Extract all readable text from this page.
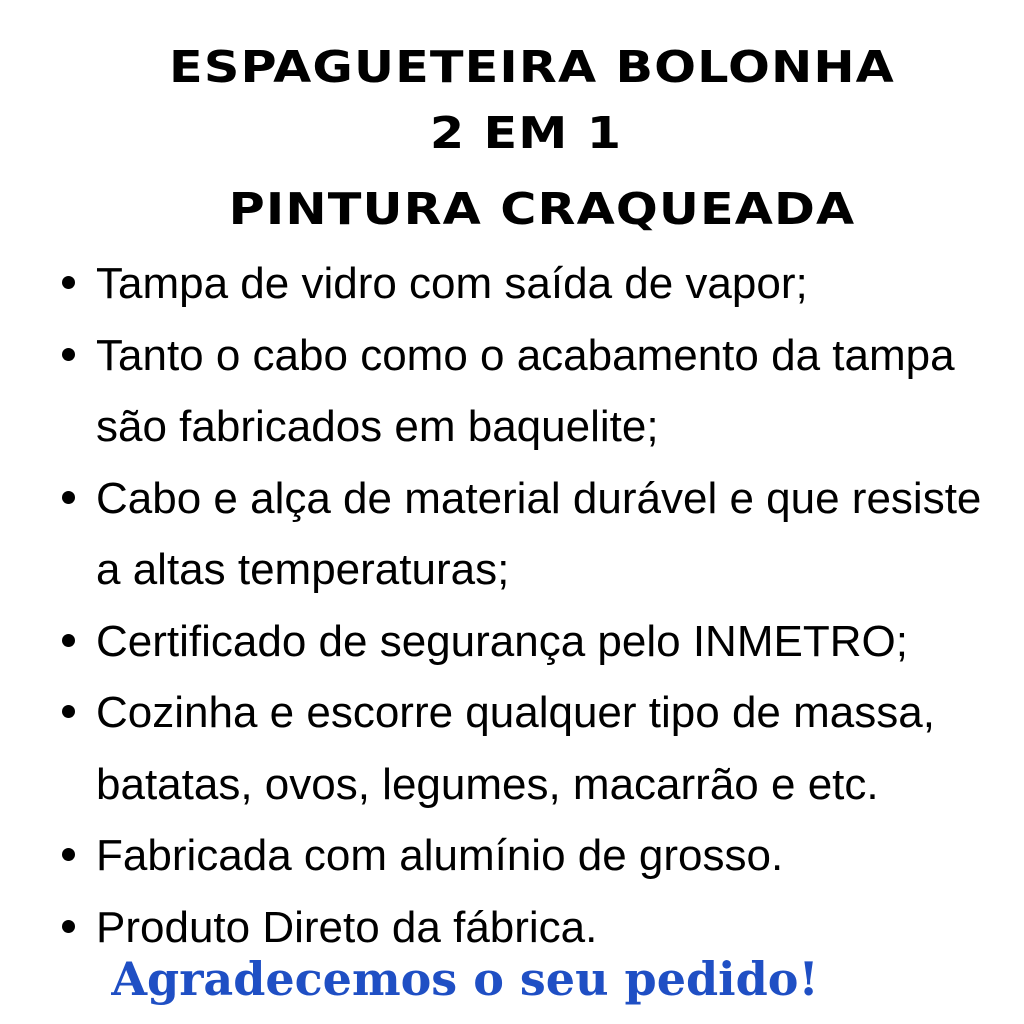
ESPAGUETEIRA BOLONHA
2 EM 1
PINTURA CRAQUEADA
Tampa de vidro com saída de vapor;
Tanto o cabo como o acabamento da tampa são fabricados em baquelite;
Cabo e alça de material durável e que resiste a altas temperaturas;
Certificado de segurança pelo INMETRO;
Cozinha e escorre qualquer tipo de massa, batatas, ovos, legumes, macarrão e etc.
Fabricada com alumínio de grosso.
Produto Direto da fábrica.

Agradecemos o seu pedido!
